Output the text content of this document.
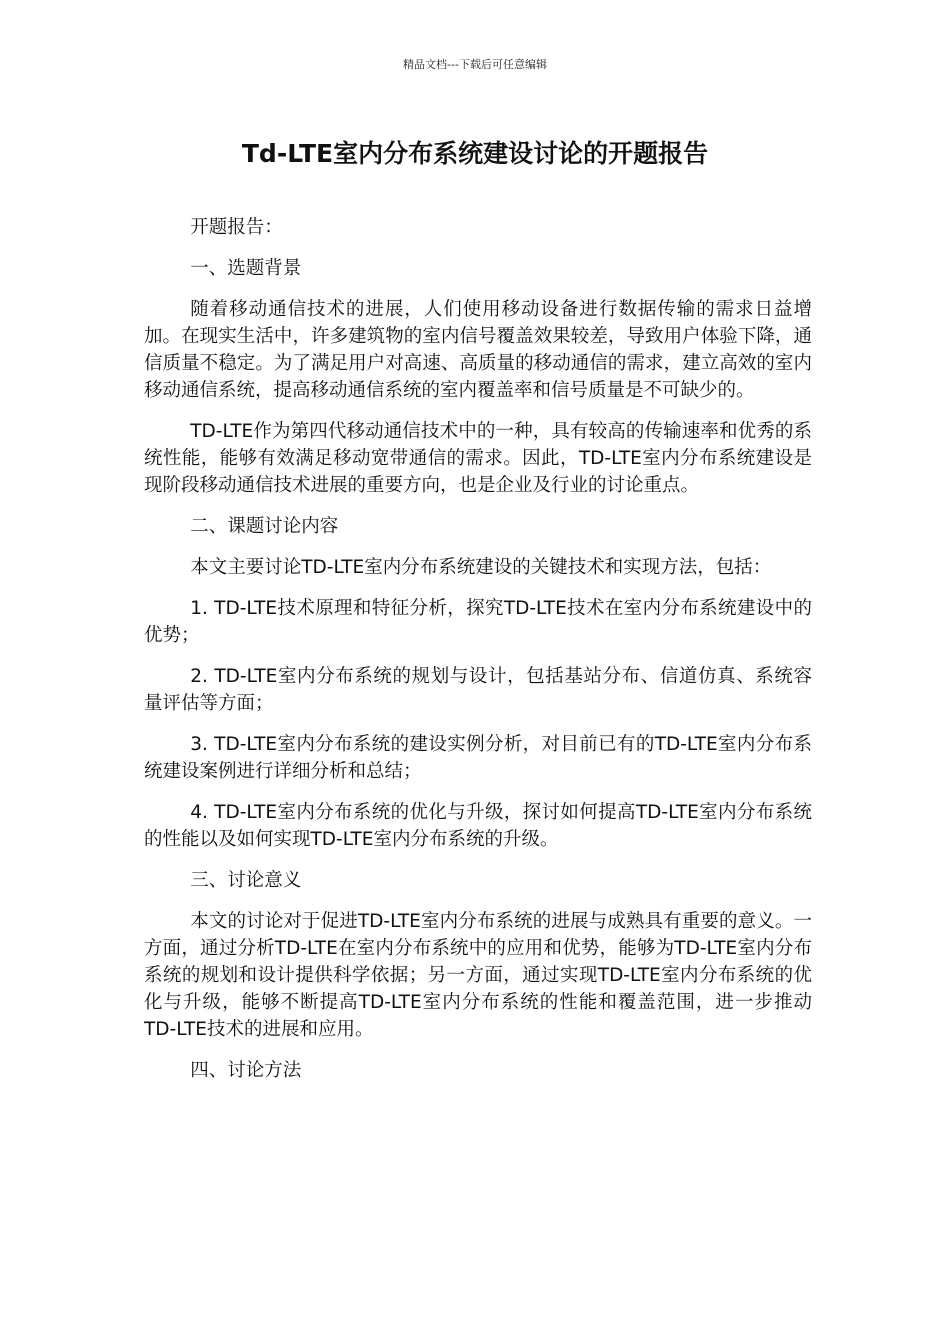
精品文档---下载后可任意编辑
Td-LTE室内分布系统建设讨论的开题报告

开题报告：

一、选题背景

随着移动通信技术的进展，人们使用移动设备进行数据传输的需求日益增加。在现实生活中，许多建筑物的室内信号覆盖效果较差，导致用户体验下降，通信质量不稳定。为了满足用户对高速、高质量的移动通信的需求，建立高效的室内移动通信系统，提高移动通信系统的室内覆盖率和信号质量是不可缺少的。

TD-LTE作为第四代移动通信技术中的一种，具有较高的传输速率和优秀的系统性能，能够有效满足移动宽带通信的需求。因此，TD-LTE室内分布系统建设是现阶段移动通信技术进展的重要方向，也是企业及行业的讨论重点。

二、课题讨论内容

本文主要讨论TD-LTE室内分布系统建设的关键技术和实现方法，包括：

1. TD-LTE技术原理和特征分析，探究TD-LTE技术在室内分布系统建设中的优势；

2. TD-LTE室内分布系统的规划与设计，包括基站分布、信道仿真、系统容量评估等方面；

3. TD-LTE室内分布系统的建设实例分析，对目前已有的TD-LTE室内分布系统建设案例进行详细分析和总结；

4. TD-LTE室内分布系统的优化与升级，探讨如何提高TD-LTE室内分布系统的性能以及如何实现TD-LTE室内分布系统的升级。

三、讨论意义

本文的讨论对于促进TD-LTE室内分布系统的进展与成熟具有重要的意义。一方面，通过分析TD-LTE在室内分布系统中的应用和优势，能够为TD-LTE室内分布系统的规划和设计提供科学依据；另一方面，通过实现TD-LTE室内分布系统的优化与升级，能够不断提高TD-LTE室内分布系统的性能和覆盖范围，进一步推动TD-LTE技术的进展和应用。

四、讨论方法
